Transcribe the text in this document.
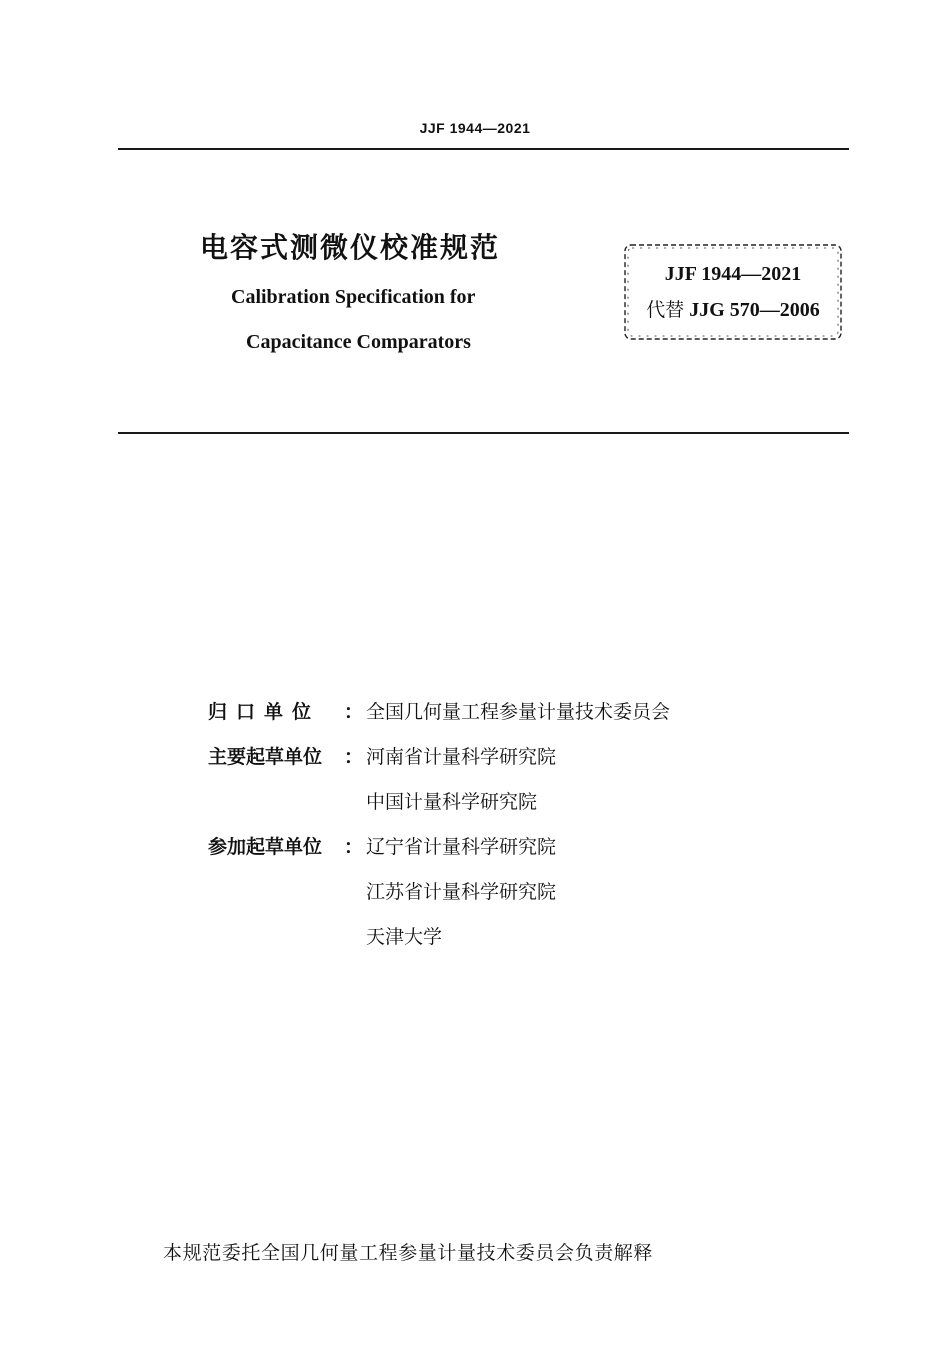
JJF 1944—2021
电容式测微仪校准规范
Calibration Specification for
Capacitance Comparators
JJF 1944—2021
代替 JJG 570—2006
归口单位 ： 全国几何量工程参量计量技术委员会
主要起草单位 ： 河南省计量科学研究院
中国计量科学研究院
参加起草单位 ： 辽宁省计量科学研究院
江苏省计量科学研究院
天津大学
本规范委托全国几何量工程参量计量技术委员会负责解释
